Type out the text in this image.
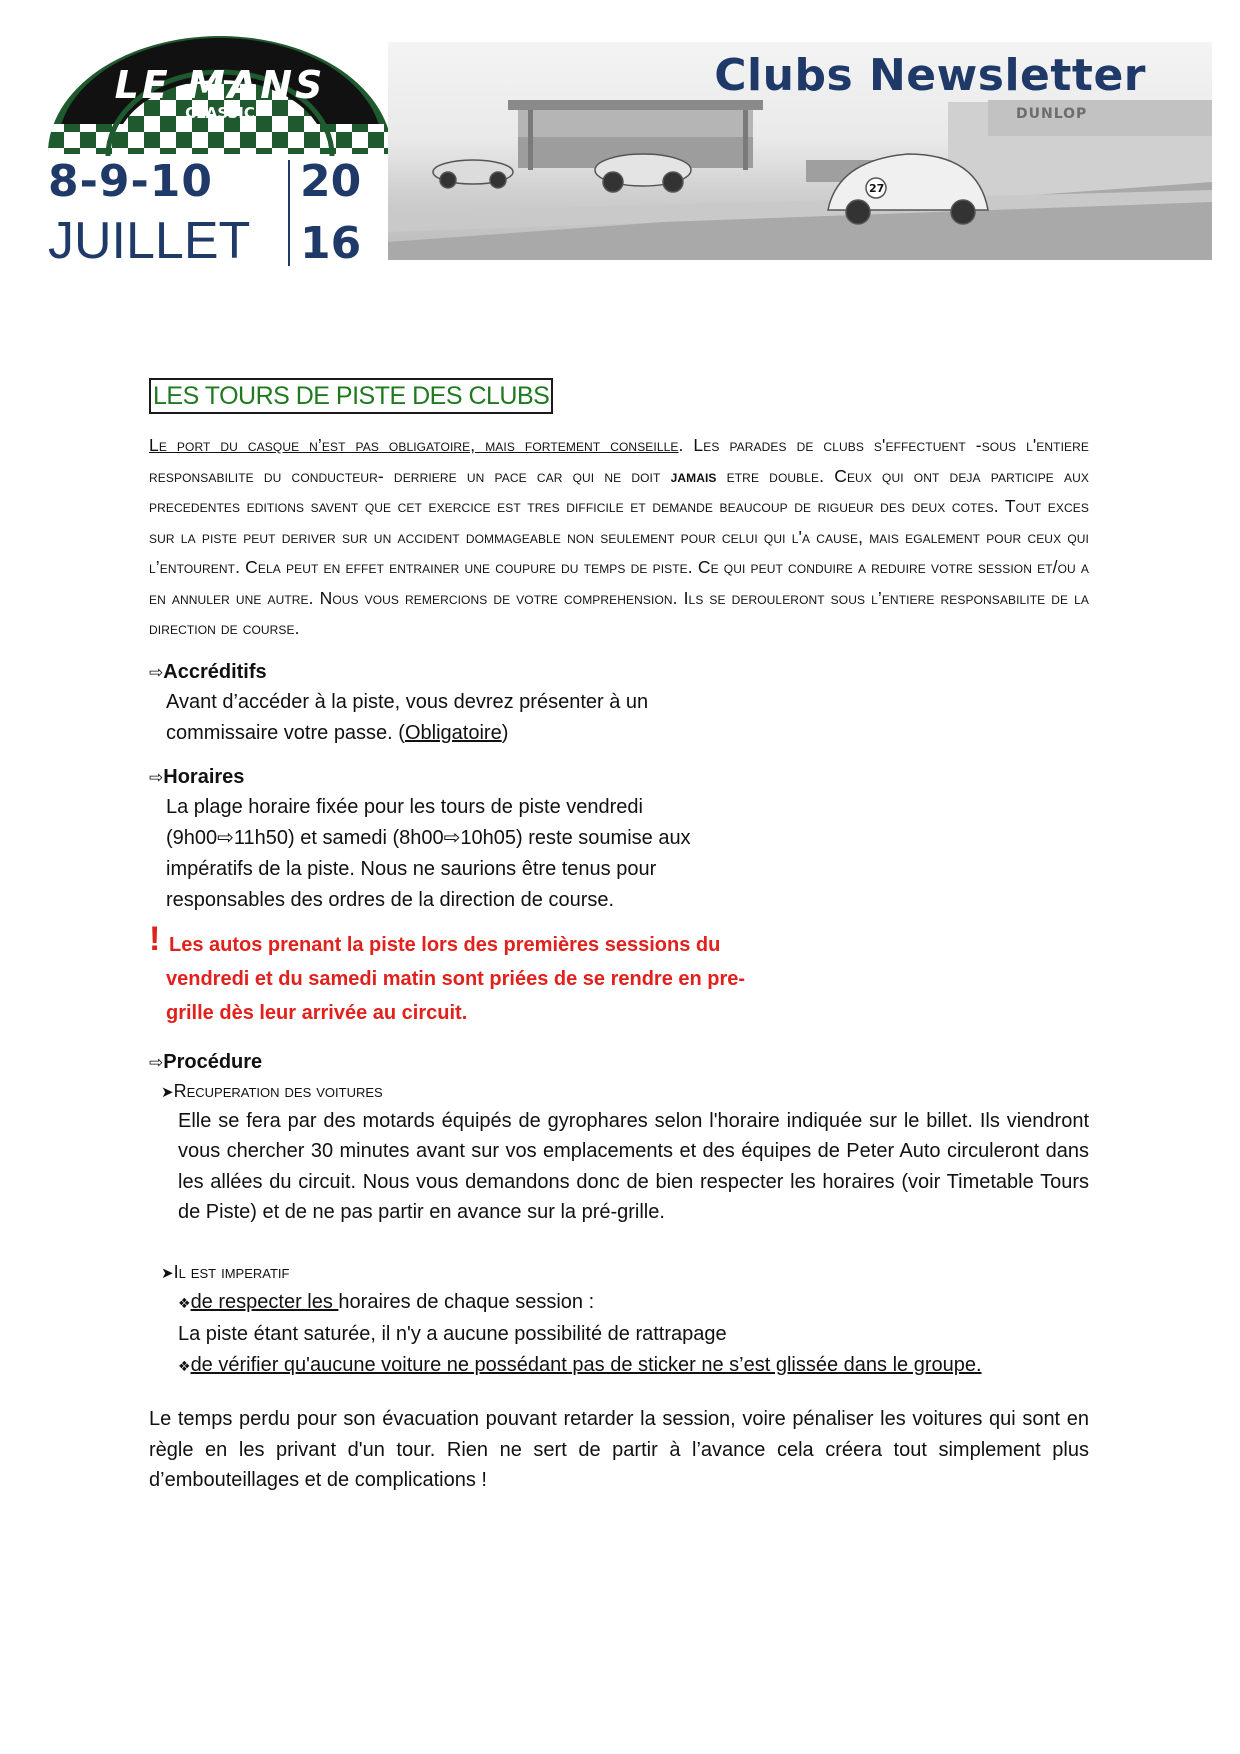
LE MANS
CLASSIC
8-9-10 20
JUILLET 16
DUNLOP
27
Clubs Newsletter
LES TOURS DE PISTE DES CLUBS
Le port du casque n’est pas obligatoire, mais fortement conseille. Les parades de clubs s'effectuent -sous l'entiere responsabilite du conducteur- derriere un pace car qui ne doit jamais etre double. Ceux qui ont deja participe aux precedentes editions savent que cet exercice est tres difficile et demande beaucoup de rigueur des deux cotes. Tout exces sur la piste peut deriver sur un accident dommageable non seulement pour celui qui l'a cause, mais egalement pour ceux qui l’entourent. Cela peut en effet entrainer une coupure du temps de piste. Ce qui peut conduire a reduire votre session et/ou a en annuler une autre. Nous vous remercions de votre comprehension. Ils se derouleront sous l’entiere responsabilite de la direction de course.
⇨Accréditifs
Avant d’accéder à la piste, vous devrez présenter à un
commissaire votre passe. (Obligatoire)
⇨Horaires
La plage horaire fixée pour les tours de piste vendredi
(9h00⇨11h50) et samedi (8h00⇨10h05) reste soumise aux
impératifs de la piste. Nous ne saurions être tenus pour
responsables des ordres de la direction de course.
! Les autos prenant la piste lors des premières sessions du
vendredi et du samedi matin sont priées de se rendre en pre-
grille dès leur arrivée au circuit.
⇨Procédure
➤Recuperation des voitures
Elle se fera par des motards équipés de gyrophares selon l'horaire indiquée sur le billet. Ils viendront vous chercher 30 minutes avant sur vos emplacements et des équipes de Peter Auto circuleront dans les allées du circuit. Nous vous demandons donc de bien respecter les horaires (voir Timetable Tours de Piste) et de ne pas partir en avance sur la pré-grille.
➤Il est imperatif
❖de respecter les horaires de chaque session :
La piste étant saturée, il n'y a aucune possibilité de rattrapage
❖de vérifier qu'aucune voiture ne possédant pas de sticker ne s’est glissée dans le groupe.
Le temps perdu pour son évacuation pouvant retarder la session, voire pénaliser les voitures qui sont en règle en les privant d'un tour. Rien ne sert de partir à l’avance cela créera tout simplement plus d’embouteillages et de complications !
